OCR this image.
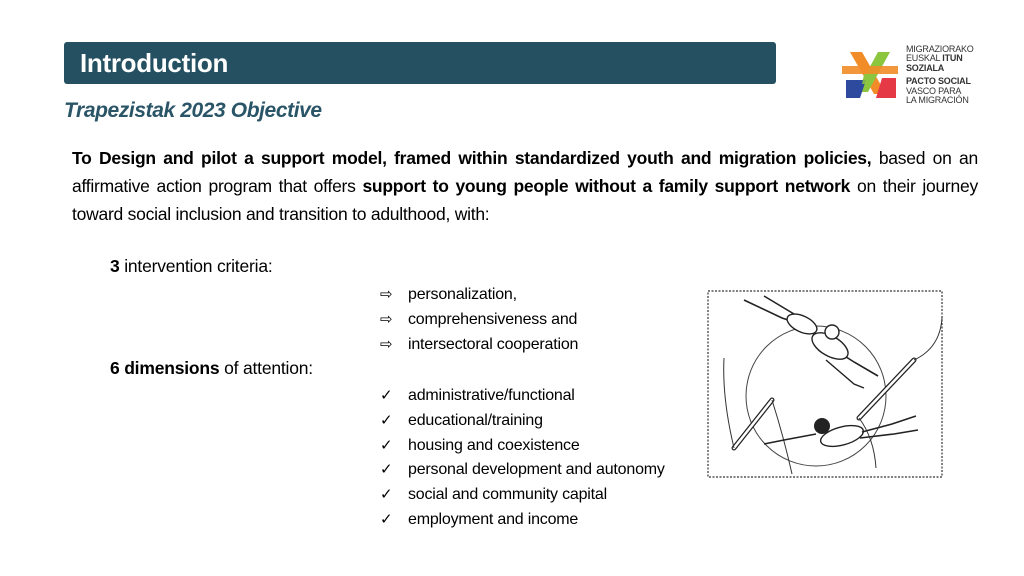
Introduction	MIGRAZIORAKO
EUSKAL ITUN
SOZIALA
PACTO SOCIAL
VASCO PARA
LA MIGRACIÓN
Trapezistak 2023 Objective
To Design and pilot a support model, framed within standardized youth and migration policies, based on an affirmative action program that offers support to young people without a family support network on their journey toward social inclusion and transition to adulthood, with:
3 intervention criteria:
⇨ personalization,
⇨ comprehensiveness and
⇨ intersectoral cooperation
6 dimensions of attention:
✓ administrative/functional
✓ educational/training
✓ housing and coexistence
✓ personal development and autonomy
✓ social and community capital
✓ employment and income
